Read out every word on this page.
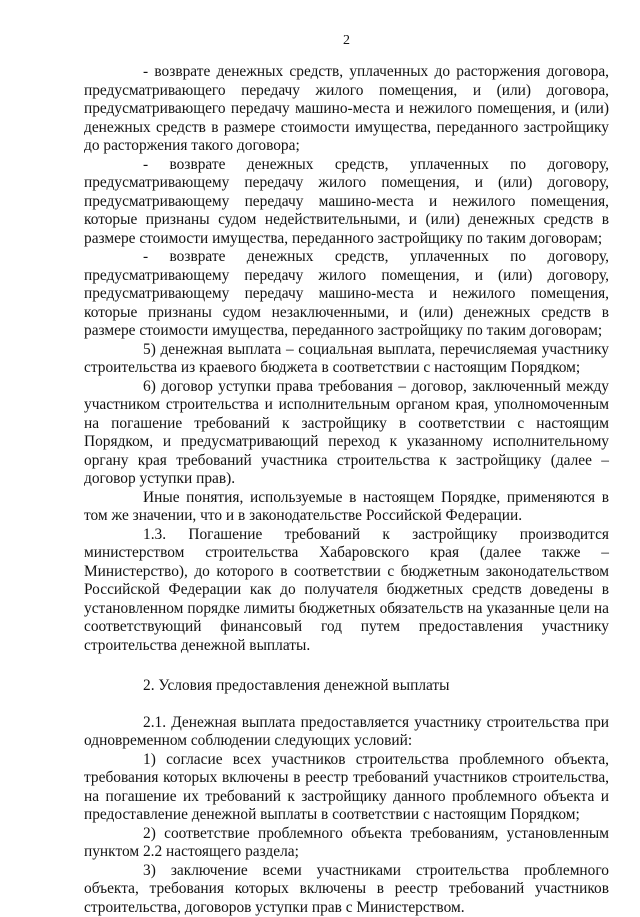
2

- возврате денежных средств, уплаченных до расторжения договора, предусматривающего передачу жилого помещения, и (или) договора, предусматривающего передачу машино-места и нежилого помещения, и (или) денежных средств в размере стоимости имущества, переданного застройщику до расторжения такого договора;

- возврате денежных средств, уплаченных по договору, предусматривающему передачу жилого помещения, и (или) договору, предусматривающему передачу машино-места и нежилого помещения, которые признаны судом недействительными, и (или) денежных средств в размере стоимости имущества, переданного застройщику по таким договорам;

- возврате денежных средств, уплаченных по договору, предусматривающему передачу жилого помещения, и (или) договору, предусматривающему передачу машино-места и нежилого помещения, которые признаны судом незаключенными, и (или) денежных средств в размере стоимости имущества, переданного застройщику по таким договорам;

5) денежная выплата – социальная выплата, перечисляемая участнику строительства из краевого бюджета в соответствии с настоящим Порядком;

6) договор уступки права требования – договор, заключенный между участником строительства и исполнительным органом края, уполномоченным на погашение требований к застройщику в соответствии с настоящим Порядком, и предусматривающий переход к указанному исполнительному органу края требований участника строительства к застройщику (далее – договор уступки прав).

Иные понятия, используемые в настоящем Порядке, применяются в том же значении, что и в законодательстве Российской Федерации.

1.3. Погашение требований к застройщику производится министерством строительства Хабаровского края (далее также – Министерство), до которого в соответствии с бюджетным законодательством Российской Федерации как до получателя бюджетных средств доведены в установленном порядке лимиты бюджетных обязательств на указанные цели на соответствующий финансовый год путем предоставления участнику строительства денежной выплаты.

2. Условия предоставления денежной выплаты

2.1. Денежная выплата предоставляется участнику строительства при одновременном соблюдении следующих условий:

1) согласие всех участников строительства проблемного объекта, требования которых включены в реестр требований участников строительства, на погашение их требований к застройщику данного проблемного объекта и предоставление денежной выплаты в соответствии с настоящим Порядком;

2) соответствие проблемного объекта требованиям, установленным пунктом 2.2 настоящего раздела;

3) заключение всеми участниками строительства проблемного объекта, требования которых включены в реестр требований участников строительства, договоров уступки прав с Министерством.
